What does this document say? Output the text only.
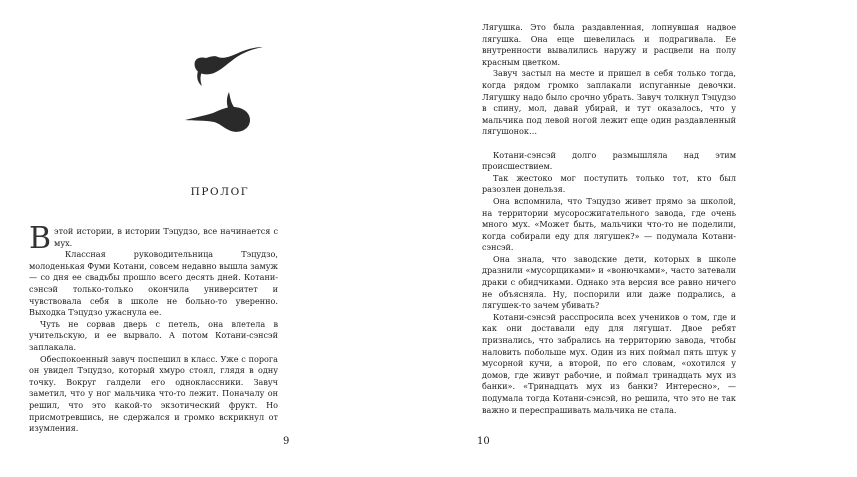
ПРОЛОГ

Вэтой истории, в истории Тэцудзо, все начинается с мух.

Классная руководительница Тэцудзо, молоденькая Фуми Котани, совсем недавно вышла замуж — со дня ее свадьбы прошло всего десять дней. Котани-сэнсэй только-только окончила университет и чувствовала себя в школе не больно-то уверенно. Выходка Тэцудзо ужаснула ее.

Чуть не сорвав дверь с петель, она влетела в учительскую, и ее вырвало. А потом Котани-сэнсэй заплакала.

Обеспокоенный завуч поспешил в класс. Уже с порога он увидел Тэцудзо, который хмуро стоял, глядя в одну точку. Вокруг галдели его одноклассники. Завуч заметил, что у ног мальчика что-то лежит. Поначалу он решил, что это какой-то экзотический фрукт. Но присмотревшись, не сдержался и громко вскрикнул от изумления.

9

Лягушка. Это была раздавленная, лопнувшая надвое лягушка. Она еще шевелилась и подрагивала. Ее внутренности вывалились наружу и расцвели на полу красным цветком.

Завуч застыл на месте и пришел в себя только тогда, когда рядом громко заплакали испуганные девочки. Лягушку надо было срочно убрать. Завуч толкнул Тэцудзо в спину, мол, давай убирай, и тут оказалось, что у мальчика под левой ногой лежит еще один раздавленный лягушонок…

Котани-сэнсэй долго размышляла над этим происшествием.

Так жестоко мог поступить только тот, кто был разозлен донельзя.

Она вспомнила, что Тэцудзо живет прямо за школой, на территории мусоросжигательного завода, где очень много мух. «Может быть, мальчики что-то не поделили, когда собирали еду для лягушек?» — подумала Котани-сэнсэй.

Она знала, что заводские дети, которых в школе дразнили «мусорщиками» и «вонючками», часто затевали драки с обидчиками. Однако эта версия все равно ничего не объясняла. Ну, поспорили или даже подрались, а лягушек-то зачем убивать?

Котани-сэнсэй расспросила всех учеников о том, где и как они доставали еду для лягушат. Двое ребят признались, что забрались на территорию завода, чтобы наловить побольше мух. Один из них поймал пять штук у мусорной кучи, а второй, по его словам, «охотился у домов, где живут рабочие, и поймал тринадцать мух из банки». «Тринадцать мух из банки? Интересно», — подумала тогда Котани-сэнсэй, но решила, что это не так важно и переспрашивать мальчика не стала.

10
